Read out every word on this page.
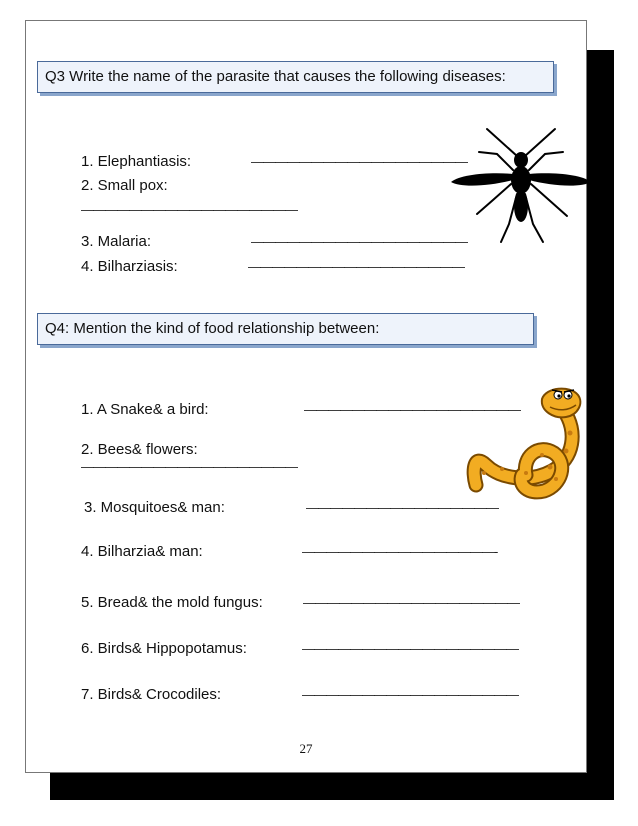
Q3 Write the name of the parasite that causes the following diseases:
1. Elephantiasis:	——————————————————
2. Small pox:
——————————————————
3. Malaria:	——————————————————
4. Bilharziasis:	——————————————————
Q4: Mention the kind of food relationship between:
1. A Snake& a bird:	——————————————————
2. Bees& flowers:
——————————————————
3. Mosquitoes& man:	————————————————
4. Bilharzia& man:	————————————————-
5. Bread& the mold fungus:	——————————————————
6. Birds& Hippopotamus:	——————————————————
7. Birds& Crocodiles:	——————————————————
27
